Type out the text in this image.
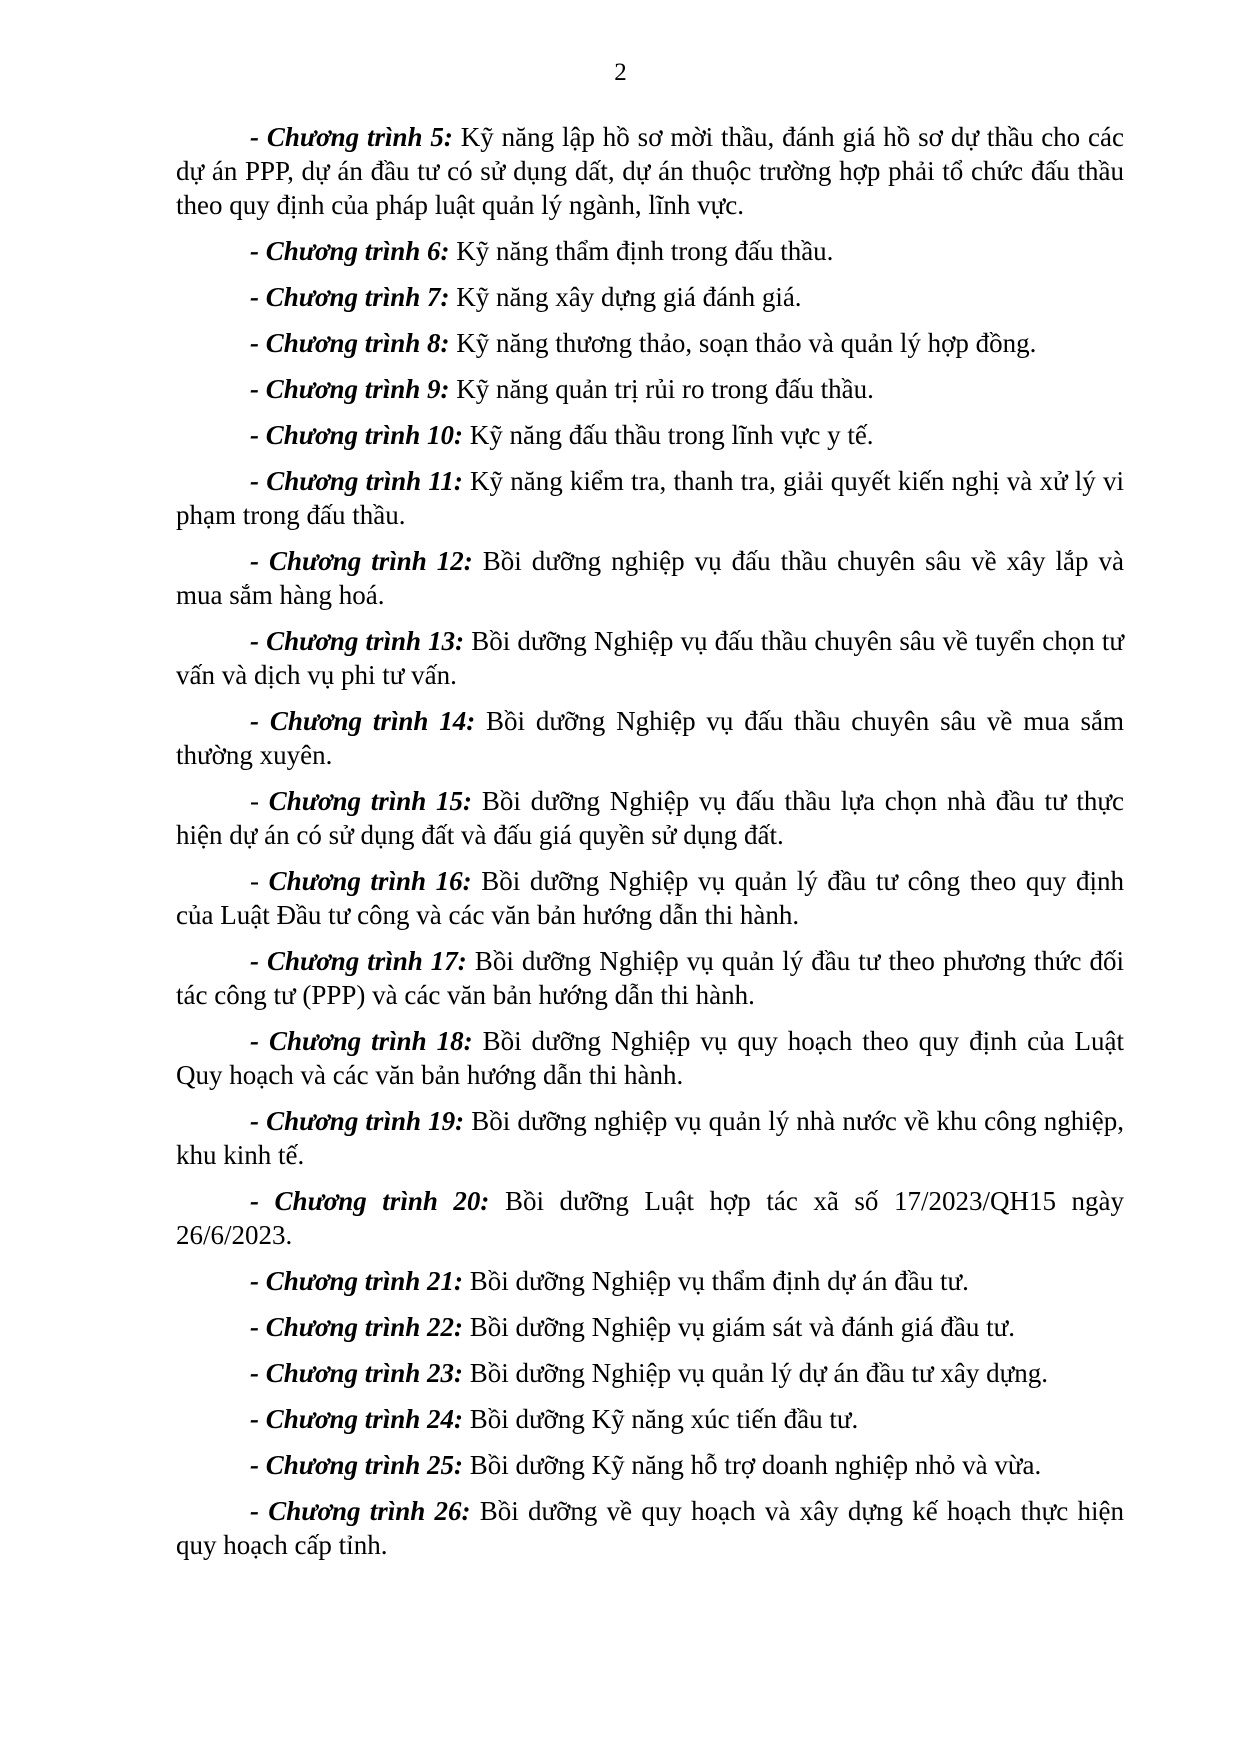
2

- Chương trình 5: Kỹ năng lập hồ sơ mời thầu, đánh giá hồ sơ dự thầu cho các dự án PPP, dự án đầu tư có sử dụng dất, dự án thuộc trường hợp phải tổ chức đấu thầu theo quy định của pháp luật quản lý ngành, lĩnh vực.

- Chương trình 6: Kỹ năng thẩm định trong đấu thầu.

- Chương trình 7: Kỹ năng xây dựng giá đánh giá.

- Chương trình 8: Kỹ năng thương thảo, soạn thảo và quản lý hợp đồng.

- Chương trình 9: Kỹ năng quản trị rủi ro trong đấu thầu.

- Chương trình 10: Kỹ năng đấu thầu trong lĩnh vực y tế.

- Chương trình 11: Kỹ năng kiểm tra, thanh tra, giải quyết kiến nghị và xử lý vi phạm trong đấu thầu.

- Chương trình 12: Bồi dưỡng nghiệp vụ đấu thầu chuyên sâu về xây lắp và mua sắm hàng hoá.

- Chương trình 13: Bồi dưỡng Nghiệp vụ đấu thầu chuyên sâu về tuyển chọn tư vấn và dịch vụ phi tư vấn.

- Chương trình 14: Bồi dưỡng Nghiệp vụ đấu thầu chuyên sâu về mua sắm thường xuyên.

- Chương trình 15: Bồi dưỡng Nghiệp vụ đấu thầu lựa chọn nhà đầu tư thực hiện dự án có sử dụng đất và đấu giá quyền sử dụng đất.

- Chương trình 16: Bồi dưỡng Nghiệp vụ quản lý đầu tư công theo quy định của Luật Đầu tư công và các văn bản hướng dẫn thi hành.

- Chương trình 17: Bồi dưỡng Nghiệp vụ quản lý đầu tư theo phương thức đối tác công tư (PPP) và các văn bản hướng dẫn thi hành.

- Chương trình 18: Bồi dưỡng Nghiệp vụ quy hoạch theo quy định của Luật Quy hoạch và các văn bản hướng dẫn thi hành.

- Chương trình 19: Bồi dưỡng nghiệp vụ quản lý nhà nước về khu công nghiệp, khu kinh tế.

- Chương trình 20: Bồi dưỡng Luật hợp tác xã số 17/2023/QH15 ngày 26/6/2023.

- Chương trình 21: Bồi dưỡng Nghiệp vụ thẩm định dự án đầu tư.

- Chương trình 22: Bồi dưỡng Nghiệp vụ giám sát và đánh giá đầu tư.

- Chương trình 23: Bồi dưỡng Nghiệp vụ quản lý dự án đầu tư xây dựng.

- Chương trình 24: Bồi dưỡng Kỹ năng xúc tiến đầu tư.

- Chương trình 25: Bồi dưỡng Kỹ năng hỗ trợ doanh nghiệp nhỏ và vừa.

- Chương trình 26: Bồi dưỡng về quy hoạch và xây dựng kế hoạch thực hiện quy hoạch cấp tỉnh.
